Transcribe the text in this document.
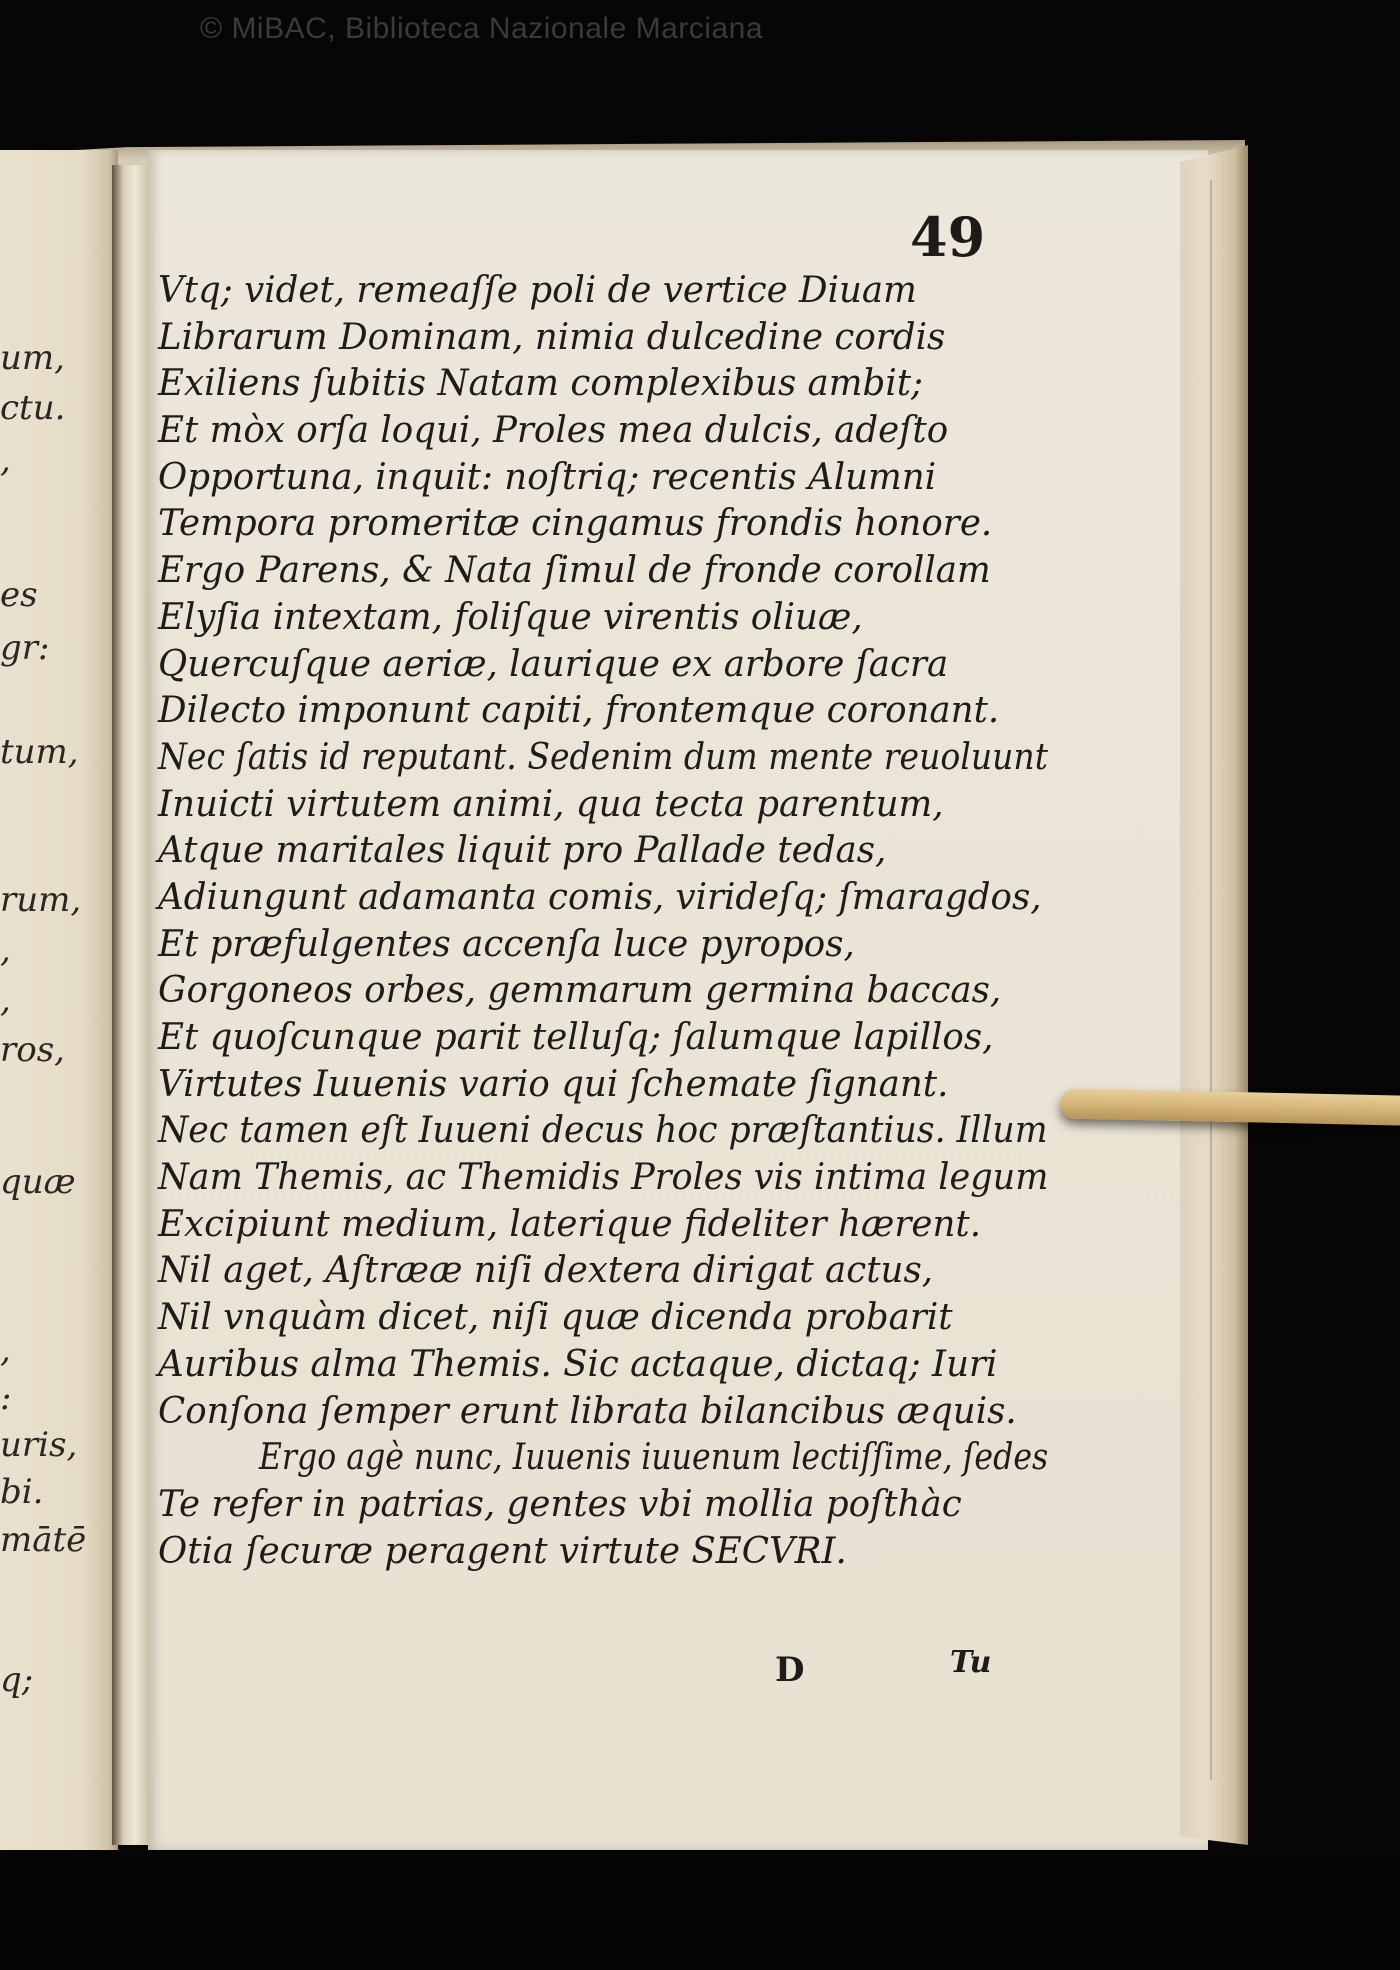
© MiBAC, Biblioteca Nazionale Marciana
um,
ctu.
,
es
gr:
tum,
rum,
,
,
ros,
quæ
,
:
uris,
bi.
mātē
q;
49
Vtq; videt, remeaſſe poli de vertice Diuam
Librarum Dominam, nimia dulcedine cordis
Exiliens ſubitis Natam complexibus ambit;
Et mòx orſa loqui, Proles mea dulcis, adeſto
Opportuna, inquit: noſtriq; recentis Alumni
Tempora promeritæ cingamus frondis honore.
Ergo Parens, & Nata ſimul de fronde corollam
Elyſia intextam, foliſque virentis oliuæ,
Quercuſque aeriæ, laurique ex arbore ſacra
Dilecto imponunt capiti, frontemque coronant.
Nec ſatis id reputant. Sedenim dum mente reuoluunt
Inuicti virtutem animi, qua tecta parentum,
Atque maritales liquit pro Pallade tedas,
Adiungunt adamanta comis, virideſq; ſmaragdos,
Et præfulgentes accenſa luce pyropos,
Gorgoneos orbes, gemmarum germina baccas,
Et quoſcunque parit telluſq; ſalumque lapillos,
Virtutes Iuuenis vario qui ſchemate ſignant.
Nec tamen eſt Iuueni decus hoc præſtantius. Illum
Nam Themis, ac Themidis Proles vis intima legum
Excipiunt medium, laterique fideliter hærent.
Nil aget, Aſtrææ niſi dextera dirigat actus,
Nil vnquàm dicet, niſi quæ dicenda probarit
Auribus alma Themis. Sic actaque, dictaq; Iuri
Conſona ſemper erunt librata bilancibus æquis.
Ergo agè nunc, Iuuenis iuuenum lectiſſime, ſedes
Te refer in patrias, gentes vbi mollia poſthàc
Otia ſecuræ peragent virtute SECVRI.
D	Tu
